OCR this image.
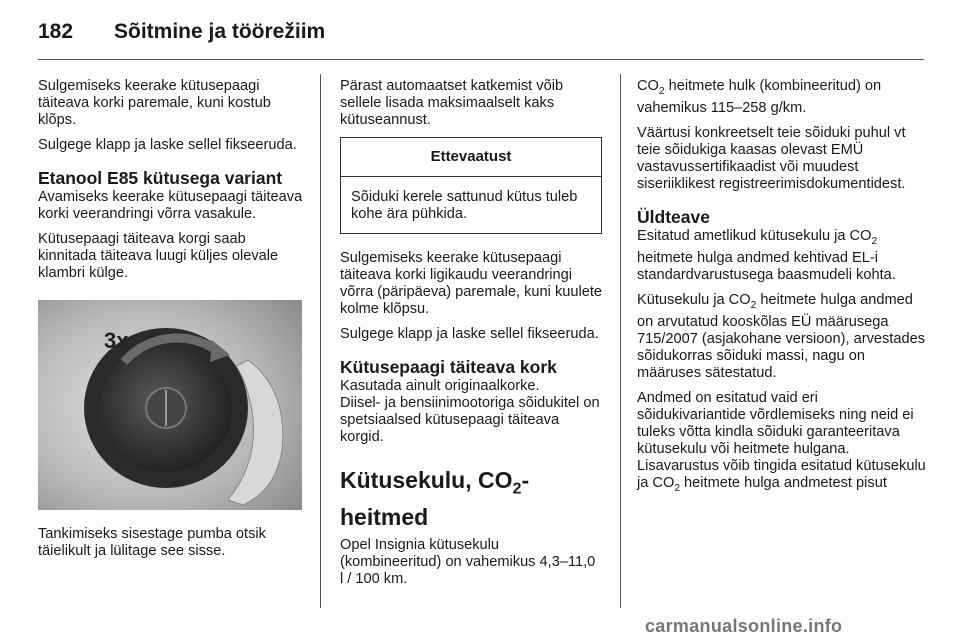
182 Sõitmine ja töörežiim

Sulgemiseks keerake kütusepaagi täiteava korki paremale, kuni kostub klõps.

Sulgege klapp ja laske sellel fikseeruda.

Etanool E85 kütusega variant

Avamiseks keerake kütusepaagi täiteava korki veerandringi võrra vasakule.

Kütusepaagi täiteava korgi saab kinnitada täiteava luugi küljes olevale klambri külge.

3x

Tankimiseks sisestage pumba otsik täielikult ja lülitage see sisse.

Pärast automaatset katkemist võib sellele lisada maksimaalselt kaks kütuseannust.

Ettevaatust
Sõiduki kerele sattunud kütus tuleb kohe ära pühkida.

Sulgemiseks keerake kütusepaagi täiteava korki ligikaudu veerandringi võrra (päripäeva) paremale, kuni kuulete kolme klõpsu.

Sulgege klapp ja laske sellel fikseeruda.

Kütusepaagi täiteava kork

Kasutada ainult originaalkorke.

Diisel- ja bensiinimootoriga sõidukitel on spetsiaalsed kütusepaagi täiteava korgid.

Kütusekulu, $CO_2$-heitmed

Opel Insignia kütusekulu (kombineeritud) on vahemikus 4,3–11,0 l / 100 km.

$CO_2$ heitmete hulk (kombineeritud) on vahemikus 115–258 g/km.

Väärtusi konkreetselt teie sõiduki puhul vt teie sõidukiga kaasas olevast EMÜ vastavussertifikaadist või muudest siseriiklikest registreerimisdokumentidest.

Üldteave

Esitatud ametlikud kütusekulu ja $CO_2$ heitmete hulga andmed kehtivad EL-i standardvarustusega baasmudeli kohta.

Kütusekulu ja $CO_2$ heitmete hulga andmed on arvutatud kooskõlas EÜ määrusega 715/2007 (asjakohane versioon), arvestades sõidukorras sõiduki massi, nagu on määruses sätestatud.

Andmed on esitatud vaid eri sõidukivariantide võrdlemiseks ning neid ei tuleks võtta kindla sõiduki garanteeritava kütusekulu või heitmete hulgana. Lisavarustus võib tingida esitatud kütusekulu ja $CO_2$ heitmete hulga andmetest pisut

carmanualsonline.info
